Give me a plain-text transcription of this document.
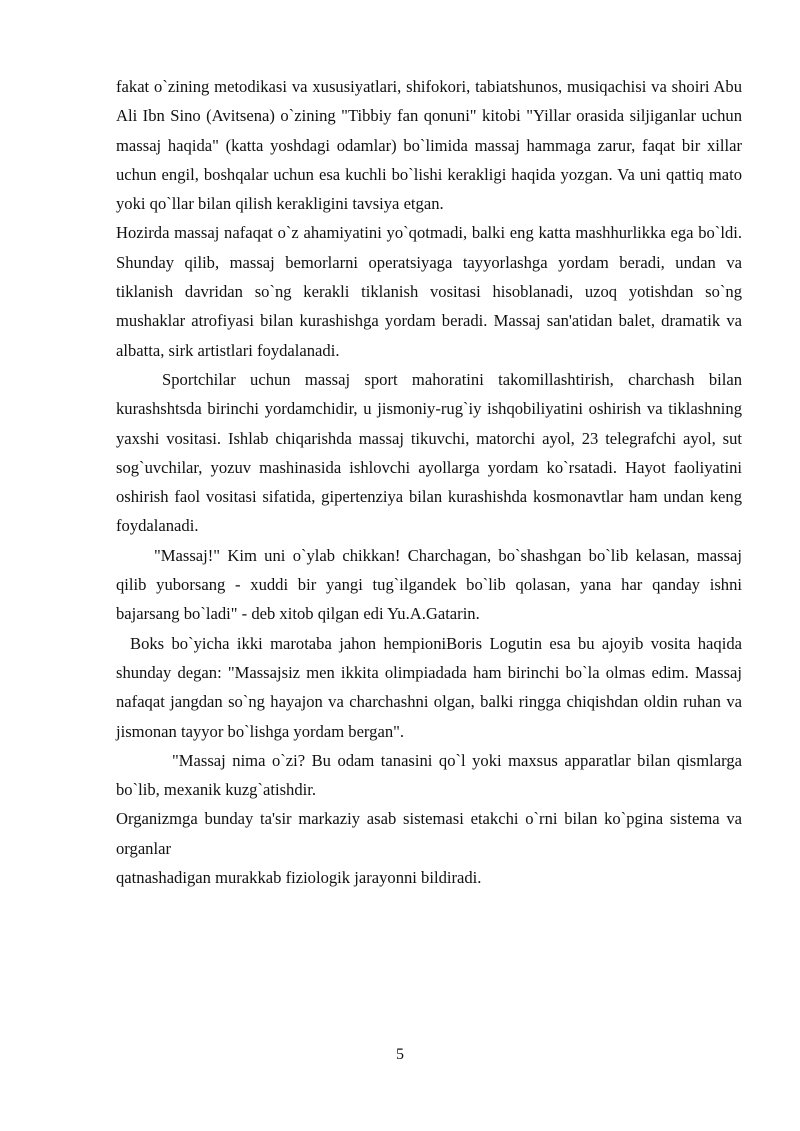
fakat o`zining metodikasi va xususiyatlari, shifokori, tabiatshunos, musiqachisi va shoiri Abu Ali Ibn Sino (Avitsena) o`zining "Tibbiy fan qonuni" kitobi "Yillar orasida siljiganlar uchun massaj haqida" (katta yoshdagi odamlar) bo`limida massaj hammaga zarur, faqat bir xillar uchun engil, boshqalar uchun esa kuchli bo`lishi kerakligi haqida yozgan. Va uni qattiq mato yoki qo`llar bilan qilish kerakligini tavsiya etgan.

Hozirda massaj nafaqat o`z ahamiyatini yo`qotmadi, balki eng katta mashhurlikka ega bo`ldi. Shunday qilib, massaj bemorlarni operatsiyaga tayyorlashga yordam beradi, undan va tiklanish davridan so`ng kerakli tiklanish vositasi hisoblanadi, uzoq yotishdan so`ng mushaklar atrofiyasi bilan kurashishga yordam beradi. Massaj san'atidan balet, dramatik va albatta, sirk artistlari foydalanadi.

Sportchilar uchun massaj sport mahoratini takomillashtirish, charchash bilan kurashshtsda birinchi yordamchidir, u jismoniy-rug`iy ishqobiliyatini oshirish va tiklashning yaxshi vositasi. Ishlab chiqarishda massaj tikuvchi, matorchi ayol, 23 telegrafchi ayol, sut sog`uvchilar, yozuv mashinasida ishlovchi ayollarga yordam ko`rsatadi. Hayot faoliyatini oshirish faol vositasi sifatida, gipertenziya bilan kurashishda kosmonavtlar ham undan keng foydalanadi.

"Massaj!" Kim uni o`ylab chikkan! Charchagan, bo`shashgan bo`lib kelasan, massaj qilib yuborsang - xuddi bir yangi tug`ilgandek bo`lib qolasan, yana har qanday ishni bajarsang bo`ladi" - deb xitob qilgan edi Yu.A.Gatarin.

Boks bo`yicha ikki marotaba jahon hempioniBoris Logutin esa bu ajoyib vosita haqida shunday degan: "Massajsiz men ikkita olimpiadada ham birinchi bo`la olmas edim. Massaj nafaqat jangdan so`ng hayajon va charchashni olgan, balki ringga chiqishdan oldin ruhan va jismonan tayyor bo`lishga yordam bergan".

"Massaj nima o`zi? Bu odam tanasini qo`l yoki maxsus apparatlar bilan qismlarga bo`lib, mexanik kuzg`atishdir.

Organizmga bunday ta'sir markaziy asab sistemasi etakchi o`rni bilan ko`pgina sistema va organlar

qatnashadigan murakkab fiziologik jarayonni bildiradi.

5
